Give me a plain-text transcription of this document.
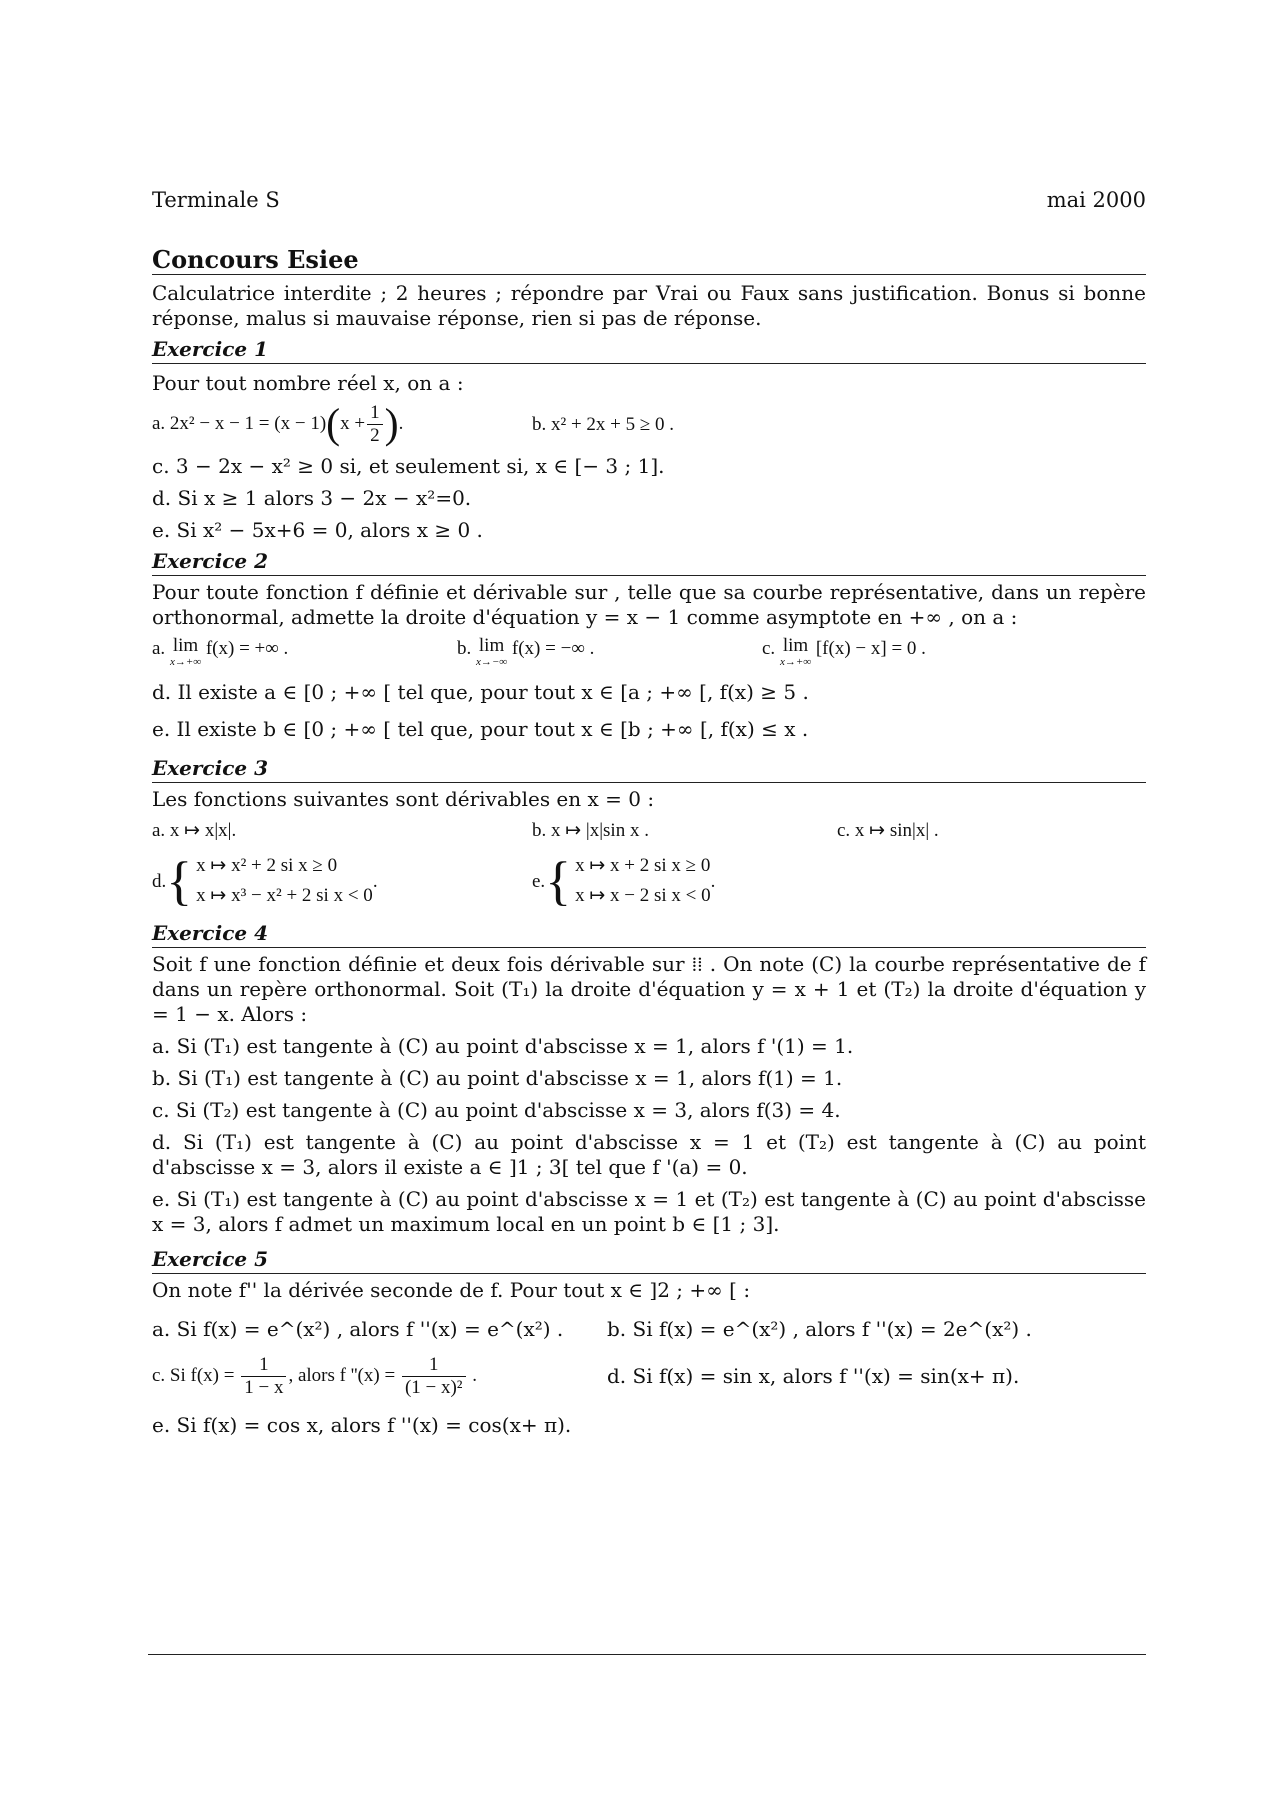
Terminale S	mai 2000
Concours Esiee
Calculatrice interdite ; 2 heures ; répondre par Vrai ou Faux sans justification. Bonus si bonne réponse, malus si mauvaise réponse, rien si pas de réponse.
Exercice 1
Pour tout nombre réel x, on a :
a. $2x^2 - x - 1 = (x - 1)(x + \frac{1}{2}$ ).	b. x² + 2x + 5 ≥ 0 .
c. 3 − 2x − x² ≥ 0 si, et seulement si, x ∈ [− 3 ; 1].
d. Si x ≥ 1 alors 3 − 2x − x²=0.
e. Si x² − 5x+6 = 0, alors x ≥ 0 .
Exercice 2
Pour toute fonction f définie et dérivable sur , telle que sa courbe représentative, dans un repère orthonormal, admette la droite d'équation y = x − 1 comme asymptote en +∞ , on a :
a. lim
x→+∞
f(x) = +∞ .	b. lim
x→−∞
f(x) = −∞ .	c. lim
x→+∞
[f(x) − x] = 0 .
d. Il existe a ∈ [0 ; +∞ [ tel que, pour tout x ∈ [a ; +∞ [, f(x) ≥ 5 .
e. Il existe b ∈ [0 ; +∞ [ tel que, pour tout x ∈ [b ; +∞ [, f(x) ≤ x .
Exercice 3
Les fonctions suivantes sont dérivables en x = 0 :
a. x ↦ x|x|.	b. x ↦ |x|sin x .	c. x ↦ sin|x| .
d. { x ↦ x² + 2 si x ≥ 0
x ↦ x³ − x² + 2 si x < 0
.	e. { x ↦ x + 2 si x ≥ 0
x ↦ x − 2 si x < 0
.
Exercice 4
Soit f une fonction définie et deux fois dérivable sur ⁞⁞ . On note (C) la courbe représentative de f dans un repère orthonormal. Soit (T₁) la droite d'équation y = x + 1 et (T₂) la droite d'équation y = 1 − x. Alors :
a. Si (T₁) est tangente à (C) au point d'abscisse x = 1, alors f '(1) = 1.
b. Si (T₁) est tangente à (C) au point d'abscisse x = 1, alors f(1) = 1.
c. Si (T₂) est tangente à (C) au point d'abscisse x = 3, alors f(3) = 4.
d. Si (T₁) est tangente à (C) au point d'abscisse x = 1 et (T₂) est tangente à (C) au point d'abscisse x = 3, alors il existe a ∈ ]1 ; 3[ tel que f '(a) = 0.
e. Si (T₁) est tangente à (C) au point d'abscisse x = 1 et (T₂) est tangente à (C) au point d'abscisse x = 3, alors f admet un maximum local en un point b ∈ [1 ; 3].
Exercice 5
On note f'' la dérivée seconde de f. Pour tout x ∈ ]2 ; +∞ [ :
a. Si f(x) = e^(x²) , alors f ''(x) = e^(x²) .	b. Si f(x) = e^(x²) , alors f ''(x) = 2e^(x²) .
c. Si $f(x) = \frac{1}{1 - x}$ , alors f ''$(x) = \frac{1}{\text{(1 − x)²}}$ .	d. Si f(x) = sin x, alors f ''(x) = sin(x+ π).
e. Si f(x) = cos x, alors f ''(x) = cos(x+ π).
